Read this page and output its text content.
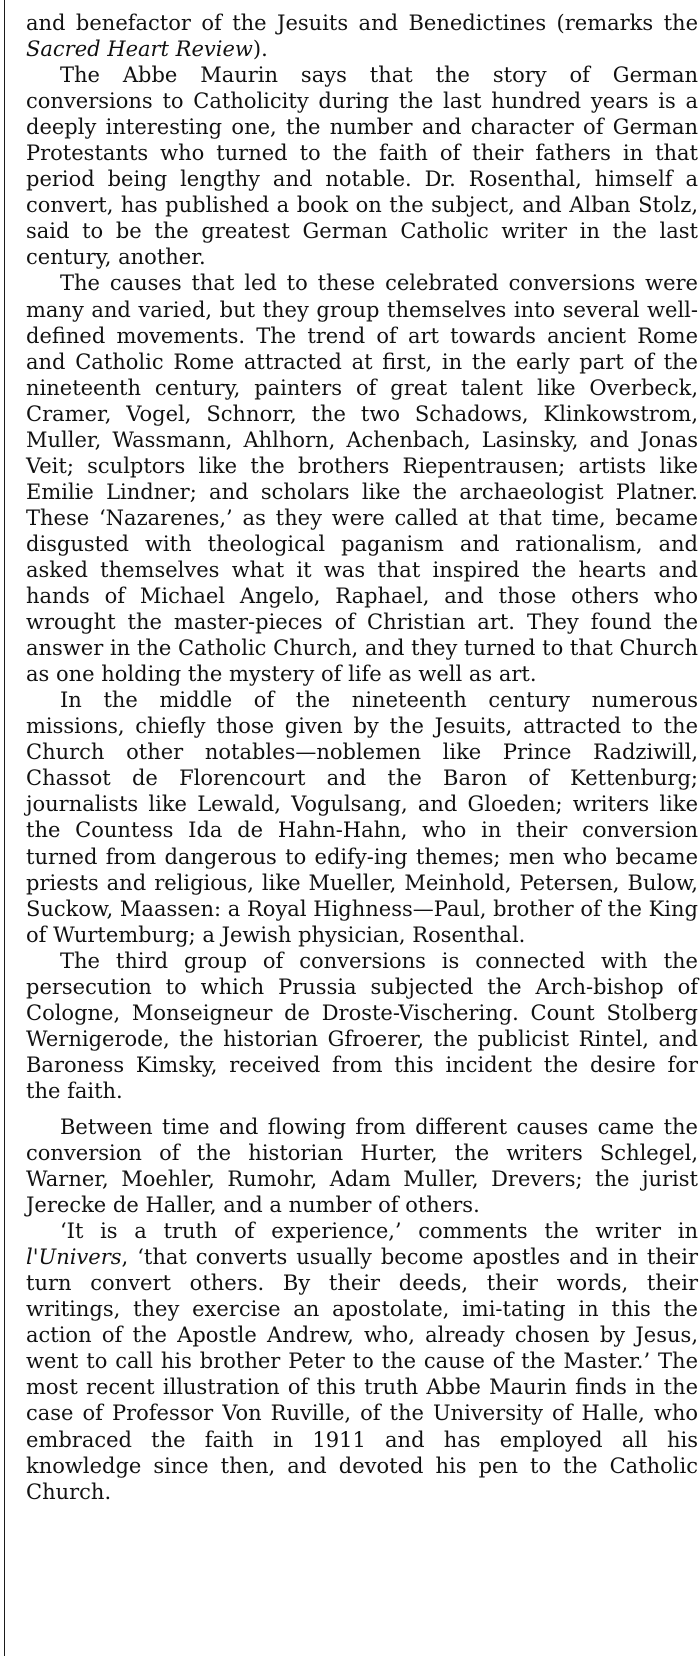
and benefactor of the Jesuits and Benedictines (remarks the Sacred Heart Review).

The Abbe Maurin says that the story of German conversions to Catholicity during the last hundred years is a deeply interesting one, the number and character of German Protestants who turned to the faith of their fathers in that period being lengthy and notable. Dr. Rosenthal, himself a convert, has published a book on the subject, and Alban Stolz, said to be the greatest German Catholic writer in the last century, another.

The causes that led to these celebrated conversions were many and varied, but they group themselves into several well-defined movements. The trend of art towards ancient Rome and Catholic Rome attracted at first, in the early part of the nineteenth century, painters of great talent like Overbeck, Cramer, Vogel, Schnorr, the two Schadows, Klinkowstrom, Muller, Wassmann, Ahlhorn, Achenbach, Lasinsky, and Jonas Veit; sculptors like the brothers Riepentrausen; artists like Emilie Lindner; and scholars like the archaeologist Platner. These ‘Nazarenes,’ as they were called at that time, became disgusted with theological paganism and rationalism, and asked themselves what it was that inspired the hearts and hands of Michael Angelo, Raphael, and those others who wrought the master-pieces of Christian art. They found the answer in the Catholic Church, and they turned to that Church as one holding the mystery of life as well as art.

In the middle of the nineteenth century numerous missions, chiefly those given by the Jesuits, attracted to the Church other notables—noblemen like Prince Radziwill, Chassot de Florencourt and the Baron of Kettenburg; journalists like Lewald, Vogulsang, and Gloeden; writers like the Countess Ida de Hahn-Hahn, who in their conversion turned from dangerous to edify-ing themes; men who became priests and religious, like Mueller, Meinhold, Petersen, Bulow, Suckow, Maassen: a Royal Highness—Paul, brother of the King of Wurtemburg; a Jewish physician, Rosenthal.

The third group of conversions is connected with the persecution to which Prussia subjected the Arch-bishop of Cologne, Monseigneur de Droste-Vischering. Count Stolberg Wernigerode, the historian Gfroerer, the publicist Rintel, and Baroness Kimsky, received from this incident the desire for the faith.

Between time and flowing from different causes came the conversion of the historian Hurter, the writers Schlegel, Warner, Moehler, Rumohr, Adam Muller, Drevers; the jurist Jerecke de Haller, and a number of others.

‘It is a truth of experience,’ comments the writer in l'Univers, ‘that converts usually become apostles and in their turn convert others. By their deeds, their words, their writings, they exercise an apostolate, imi-tating in this the action of the Apostle Andrew, who, already chosen by Jesus, went to call his brother Peter to the cause of the Master.’ The most recent illustration of this truth Abbe Maurin finds in the case of Professor Von Ruville, of the University of Halle, who embraced the faith in 1911 and has employed all his knowledge since then, and devoted his pen to the Catholic Church.
